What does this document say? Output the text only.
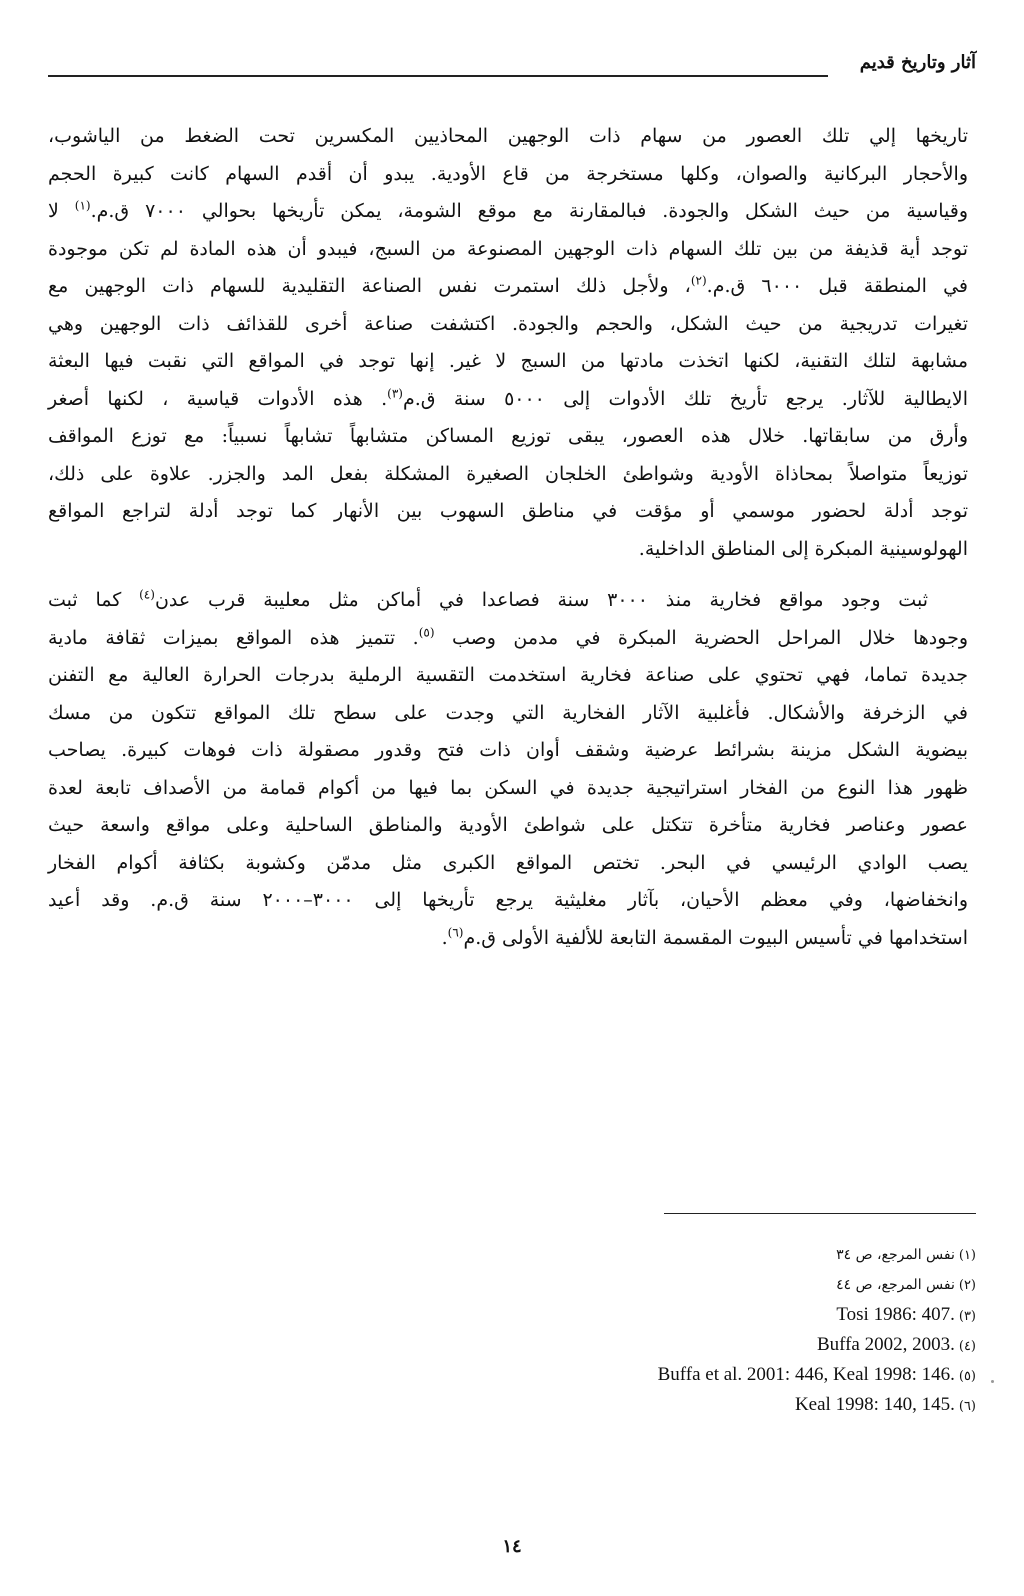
آثار وتاريخ قديم

تاريخها إلي تلك العصور من سهام ذات الوجهين المحاذيين المكسرين تحت الضغط من الياشوب،
والأحجار البركانية والصوان، وكلها مستخرجة من قاع الأودية. يبدو أن أقدم السهام كانت كبيرة الحجم
وقياسية من حيث الشكل والجودة. فبالمقارنة مع موقع الشومة، يمكن تأريخها بحوالي ٧٠٠٠ ق.م.$^{(١)}$ لا
توجد أية قذيفة من بين تلك السهام ذات الوجهين المصنوعة من السبج، فيبدو أن هذه المادة لم تكن موجودة
في المنطقة قبل ٦٠٠٠ ق.م.$^{(٢)}$، ولأجل ذلك استمرت نفس الصناعة التقليدية للسهام ذات الوجهين مع
تغيرات تدريجية من حيث الشكل، والحجم والجودة. اكتشفت صناعة أخرى للقذائف ذات الوجهين وهي
مشابهة لتلك التقنية، لكنها اتخذت مادتها من السبج لا غير. إنها توجد في المواقع التي نقبت فيها البعثة
الايطالية للآثار. يرجع تأريخ تلك الأدوات إلى ٥٠٠٠ سنة ق.م$^{(٣)}$. هذه الأدوات قياسية ، لكنها أصغر
وأرق من سابقاتها. خلال هذه العصور، يبقى توزيع المساكن متشابهاً تشابهاً نسبياً: مع توزع المواقف
توزيعاً متواصلاً بمحاذاة الأودية وشواطئ الخلجان الصغيرة المشكلة بفعل المد والجزر. علاوة على ذلك،
توجد أدلة لحضور موسمي أو مؤقت في مناطق السهوب بين الأنهار كما توجد أدلة لتراجع المواقع
الهولوسينية المبكرة إلى المناطق الداخلية.

ثبت وجود مواقع فخارية منذ ٣٠٠٠ سنة فصاعدا في أماكن مثل معليبة قرب عدن$^{(٤)}$ كما ثبت
وجودها خلال المراحل الحضرية المبكرة في مدمن وصب $^{(٥)}$. تتميز هذه المواقع بميزات ثقافة مادية
جديدة تماما، فهي تحتوي على صناعة فخارية استخدمت التقسية الرملية بدرجات الحرارة العالية مع التفنن
في الزخرفة والأشكال. فأغلبية الآثار الفخارية التي وجدت على سطح تلك المواقع تتكون من مسك
بيضوية الشكل مزينة بشرائط عرضية وشقف أوان ذات فتح وقدور مصقولة ذات فوهات كبيرة. يصاحب
ظهور هذا النوع من الفخار استراتيجية جديدة في السكن بما فيها من أكوام قمامة من الأصداف تابعة لعدة
عصور وعناصر فخارية متأخرة تتكتل على شواطئ الأودية والمناطق الساحلية وعلى مواقع واسعة حيث
يصب الوادي الرئيسي في البحر. تختص المواقع الكبرى مثل مدمّن وكشوبة بكثافة أكوام الفخار
وانخفاضها، وفي معظم الأحيان، بآثار مغليثية يرجع تأريخها إلى ٣٠٠٠–٢٠٠٠ سنة ق.م. وقد أعيد
استخدامها في تأسيس البيوت المقسمة التابعة للألفية الأولى ق.م$^{(٦)}$.

(١)نفس المرجع، ص ٣٤
(٢)نفس المرجع، ص ٤٤
(٣)Tosi 1986: 407.
(٤)Buffa 2002, 2003.
(٥)Buffa et al. 2001: 446, Keal 1998: 146.
(٦)Keal 1998: 140, 145.
١٤
